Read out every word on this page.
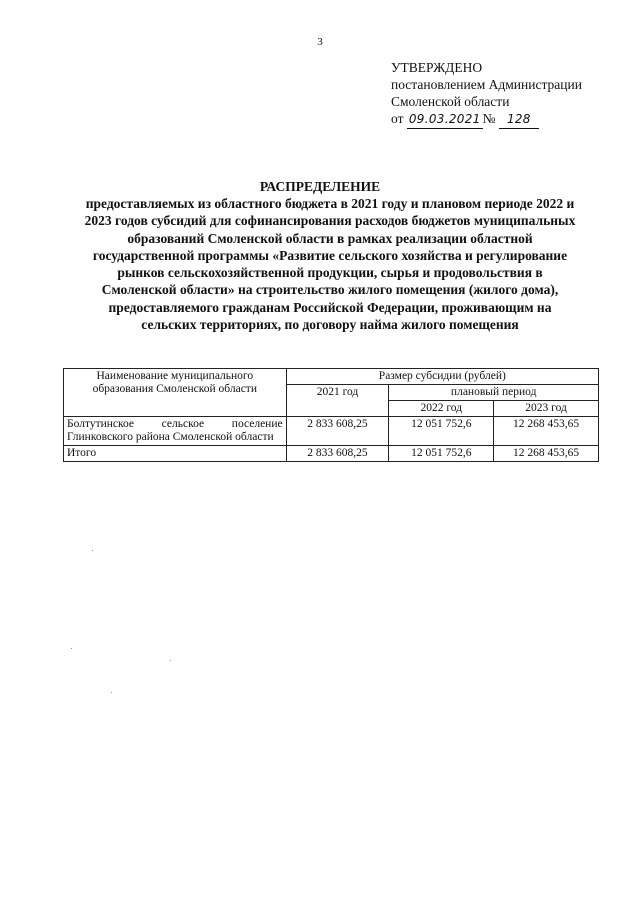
3
УТВЕРЖДЕНО
постановлением Администрации
Смоленской области
от 09.03.2021 № 128
РАСПРЕДЕЛЕНИЕ
предоставляемых из областного бюджета в 2021 году и плановом периоде 2022 и 2023 годов субсидий для софинансирования расходов бюджетов муниципальных образований Смоленской области в рамках реализации областной государственной программы «Развитие сельского хозяйства и регулирование рынков сельскохозяйственной продукции, сырья и продовольствия в Смоленской области» на строительство жилого помещения (жилого дома), предоставляемого гражданам Российской Федерации, проживающим на сельских территориях, по договору найма жилого помещения
Наименование муниципального образования Смоленской области	Размер субсидии (рублей)		
	2021 год	плановый период	
		2022 год	2023 год
Болтутинское сельское поселение Глинковского района Смоленской области	2 833 608,25	12 051 752,6	12 268 453,65
Итого	2 833 608,25	12 051 752,6	12 268 453,65
